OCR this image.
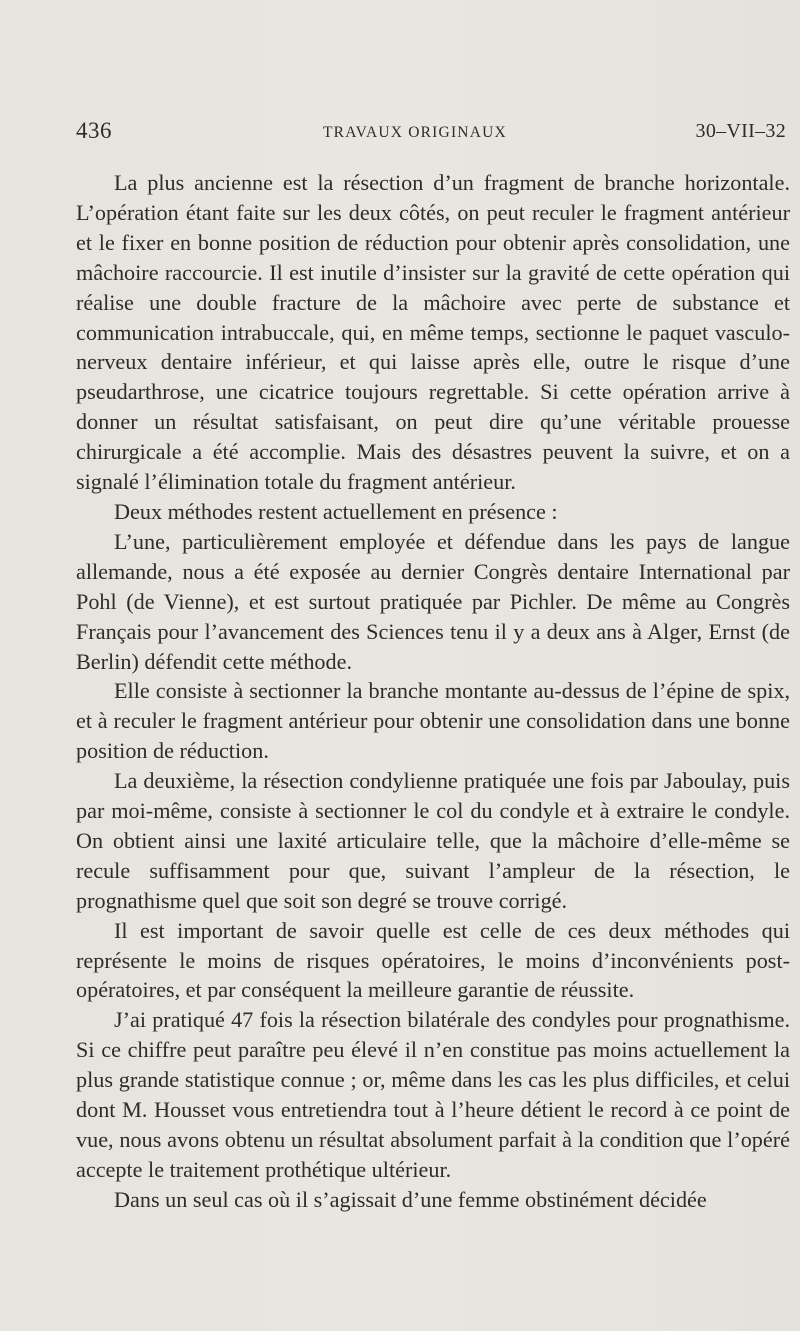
436	TRAVAUX ORIGINAUX	30–VII–32

La plus ancienne est la résection d’un fragment de branche horizontale. L’opération étant faite sur les deux côtés, on peut reculer le fragment antérieur et le fixer en bonne position de réduction pour obtenir après consolidation, une mâchoire raccourcie. Il est inutile d’insister sur la gravité de cette opération qui réalise une double fracture de la mâchoire avec perte de substance et communication intrabuccale, qui, en même temps, sectionne le paquet vasculo-nerveux dentaire inférieur, et qui laisse après elle, outre le risque d’une pseudarthrose, une cicatrice toujours regrettable. Si cette opération arrive à donner un résultat satisfaisant, on peut dire qu’une véritable prouesse chirurgicale a été accomplie. Mais des désastres peuvent la suivre, et on a signalé l’élimination totale du fragment antérieur.

Deux méthodes restent actuellement en présence :

L’une, particulièrement employée et défendue dans les pays de langue allemande, nous a été exposée au dernier Congrès dentaire International par Pohl (de Vienne), et est surtout pratiquée par Pichler. De même au Congrès Français pour l’avancement des Sciences tenu il y a deux ans à Alger, Ernst (de Berlin) défendit cette méthode.

Elle consiste à sectionner la branche montante au-dessus de l’épine de spix, et à reculer le fragment antérieur pour obtenir une consolidation dans une bonne position de réduction.

La deuxième, la résection condylienne pratiquée une fois par Jaboulay, puis par moi-même, consiste à sectionner le col du condyle et à extraire le condyle. On obtient ainsi une laxité articulaire telle, que la mâchoire d’elle-même se recule suffisamment pour que, suivant l’ampleur de la résection, le prognathisme quel que soit son degré se trouve corrigé.

Il est important de savoir quelle est celle de ces deux méthodes qui représente le moins de risques opératoires, le moins d’inconvénients post-opératoires, et par conséquent la meilleure garantie de réussite.

J’ai pratiqué 47 fois la résection bilatérale des condyles pour prognathisme. Si ce chiffre peut paraître peu élevé il n’en constitue pas moins actuellement la plus grande statistique connue ; or, même dans les cas les plus difficiles, et celui dont M. Housset vous entretiendra tout à l’heure détient le record à ce point de vue, nous avons obtenu un résultat absolument parfait à la condition que l’opéré accepte le traitement prothétique ultérieur.

Dans un seul cas où il s’agissait d’une femme obstinément décidée
